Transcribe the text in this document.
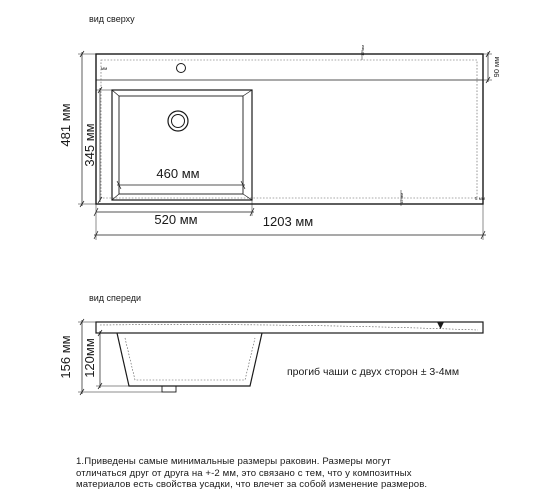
вид сверху
мм
12 мм
12 мм	5 мм
481 мм 345 мм
90 мм
460 мм
520 мм	1203 мм
вид спереди
156 мм 120мм	прогиб чаши с двух сторон ± 3-4мм
1.Приведены самые минимальные размеры раковин. Размеры могут
отличаться друг от друга на +-2 мм, это связано с тем, что у композитных
материалов есть свойства усадки, что влечет за собой изменение размеров.
